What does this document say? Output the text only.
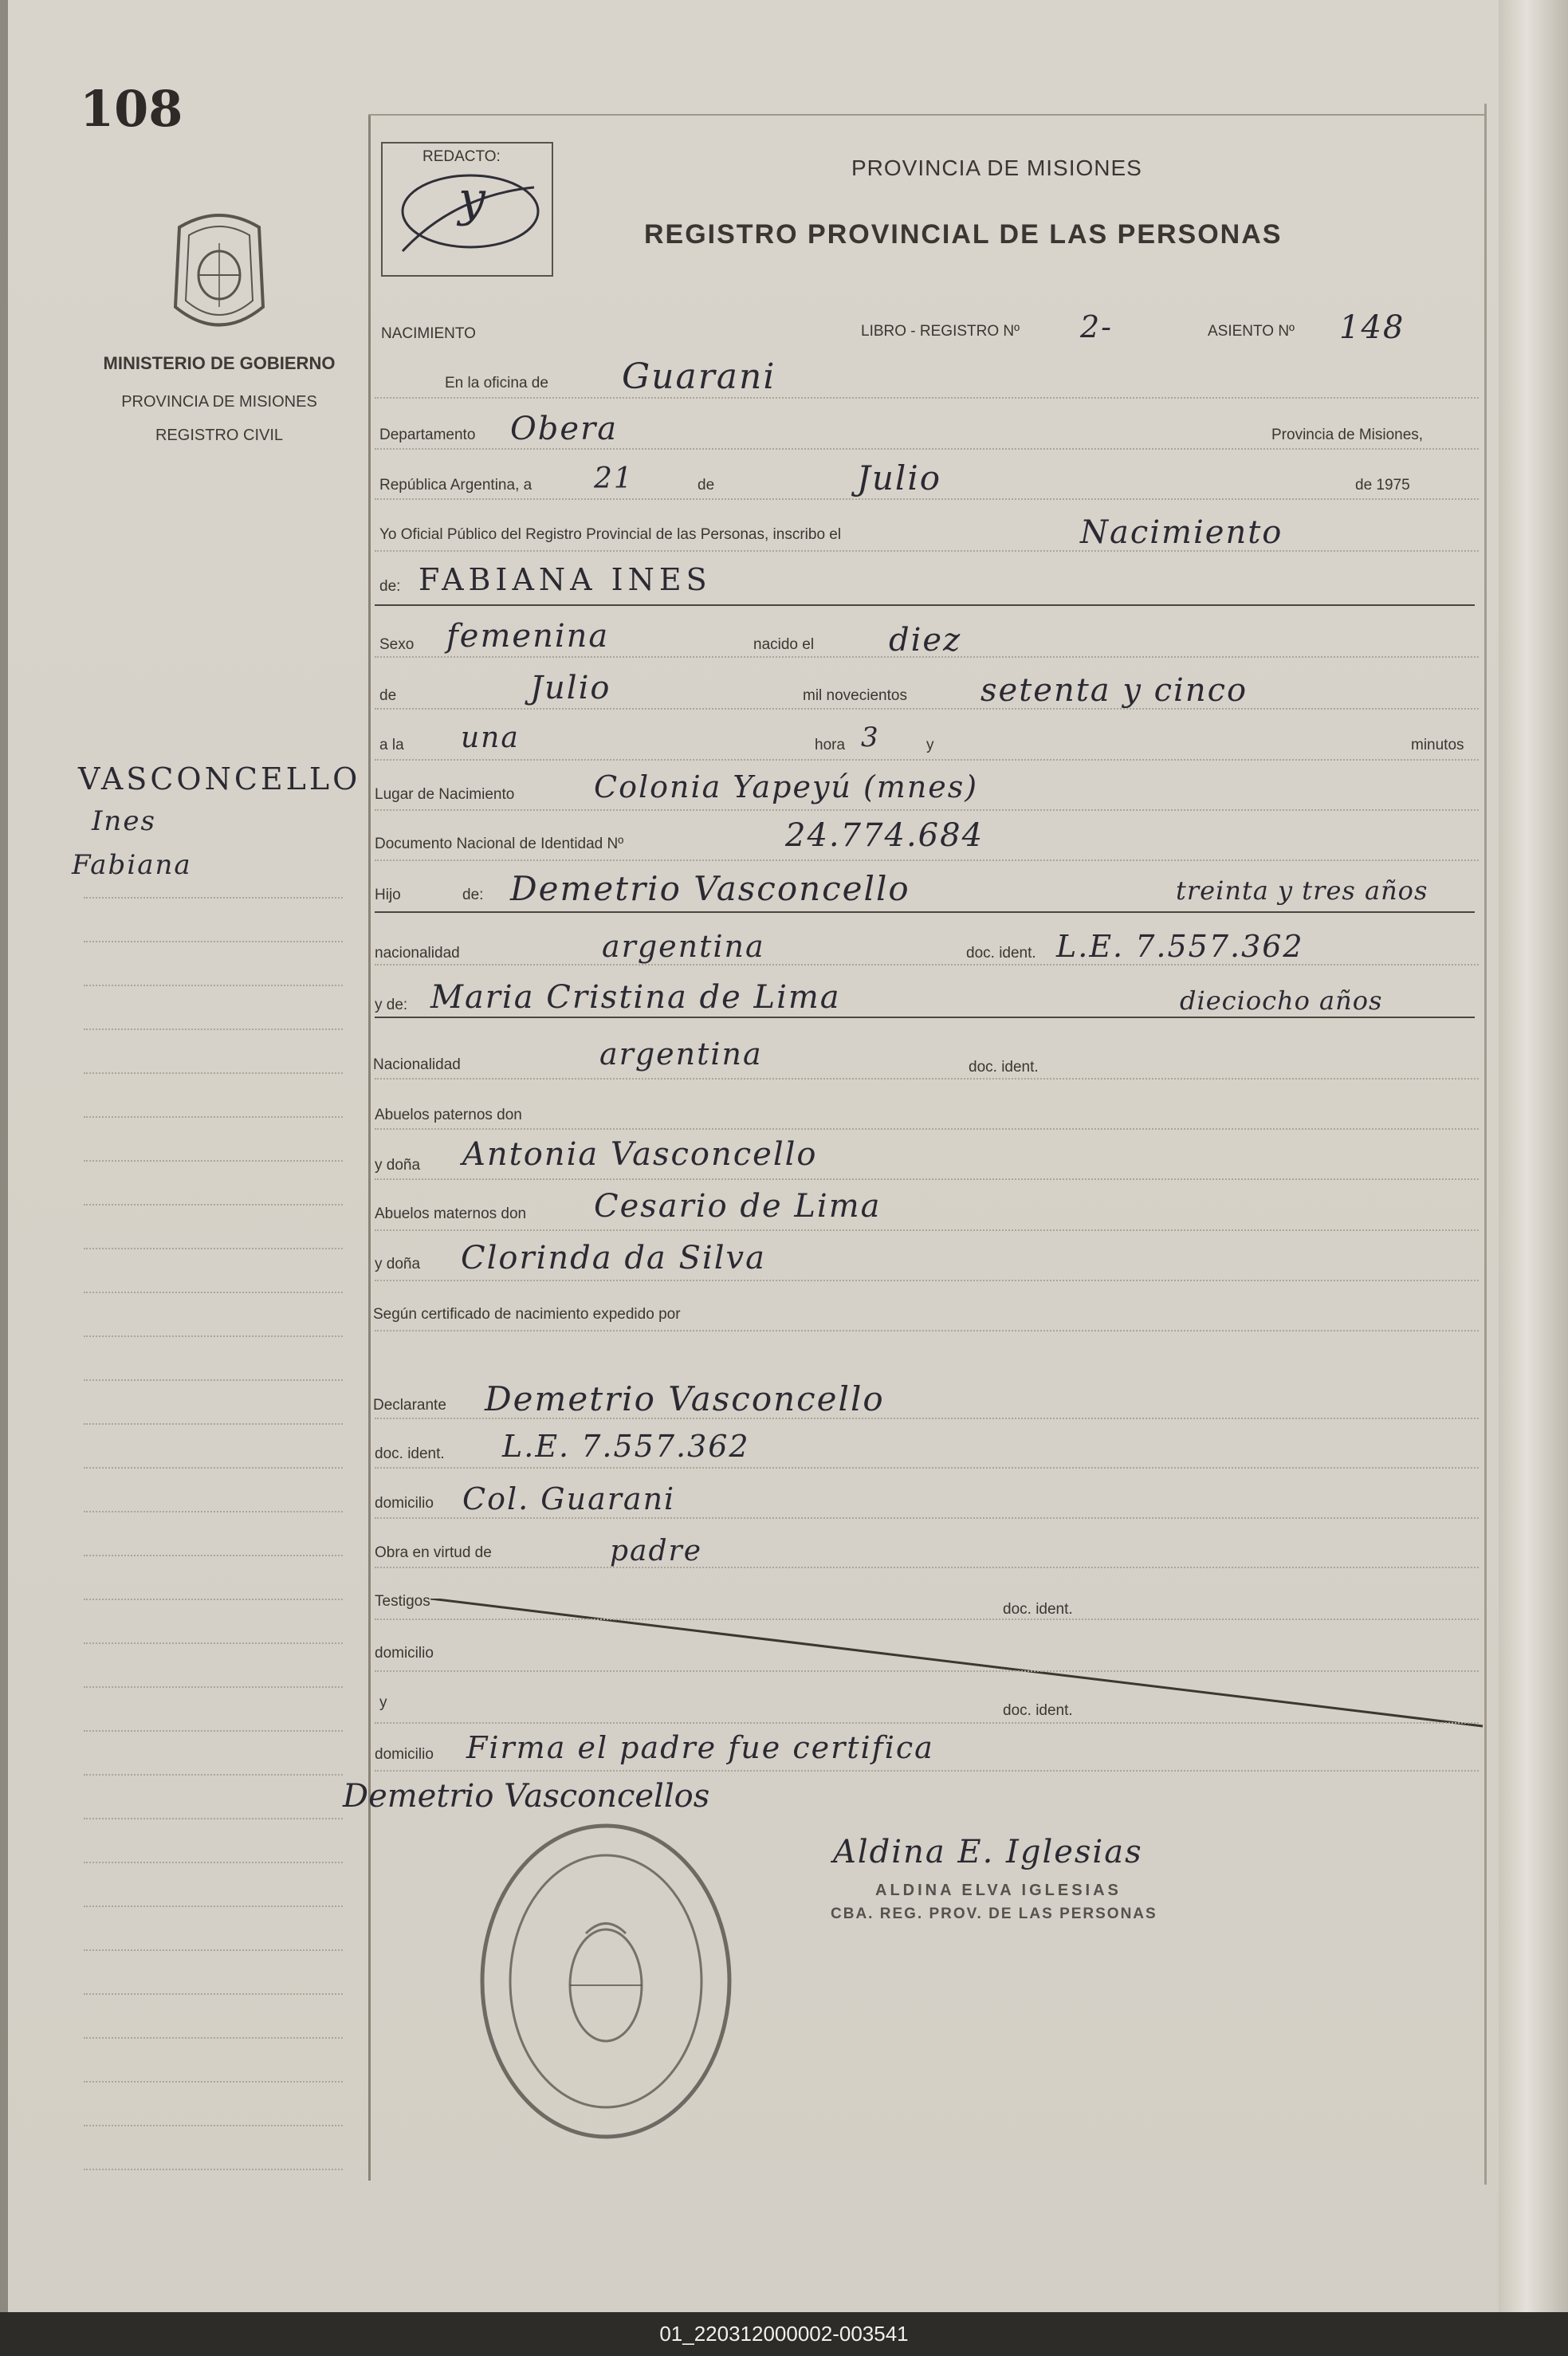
108
MINISTERIO DE GOBIERNO
PROVINCIA DE MISIONES
REGISTRO CIVIL
VASCONCELLO
Ines
Fabiana
REDACTO:
y
PROVINCIA DE MISIONES
REGISTRO PROVINCIAL DE LAS PERSONAS
NACIMIENTO	LIBRO - REGISTRO Nº 2-	ASIENTO Nº 148
En la oficina de Guarani
Departamento Obera	Provincia de Misiones,
República Argentina, a 21	de	Julio	de 1975
Yo Oficial Público del Registro Provincial de las Personas, inscribo el	Nacimiento
de: FABIANA INES
Sexo femenina	nacido el diez
de	Julio	mil novecientos setenta y cinco
a la una	hora 3	y	minutos
Lugar de Nacimiento	Colonia Yapeyú (mnes)
Documento Nacional de Identidad Nº	24.774.684
Hijo	de: Demetrio Vasconcello	treinta y tres años
nacionalidad	argentina	doc. ident. L.E. 7.557.362
y de: Maria Cristina de Lima	dieciocho años
Nacionalidad	argentina	doc. ident.
Abuelos paternos don
y doña Antonia Vasconcello
Abuelos maternos don Cesario de Lima
y doña Clorinda da Silva
Según certificado de nacimiento expedido por
Declarante Demetrio Vasconcello
doc. ident. L.E. 7.557.362
domicilio Col. Guarani
Obra en virtud de	padre
Testigos	doc. ident.
domicilio
y	doc. ident.
domicilio Firma el padre fue certifica
Demetrio Vasconcellos
Aldina E. Iglesias
ALDINA ELVA IGLESIAS
CBA. REG. PROV. DE LAS PERSONAS
01_220312000002-003541
